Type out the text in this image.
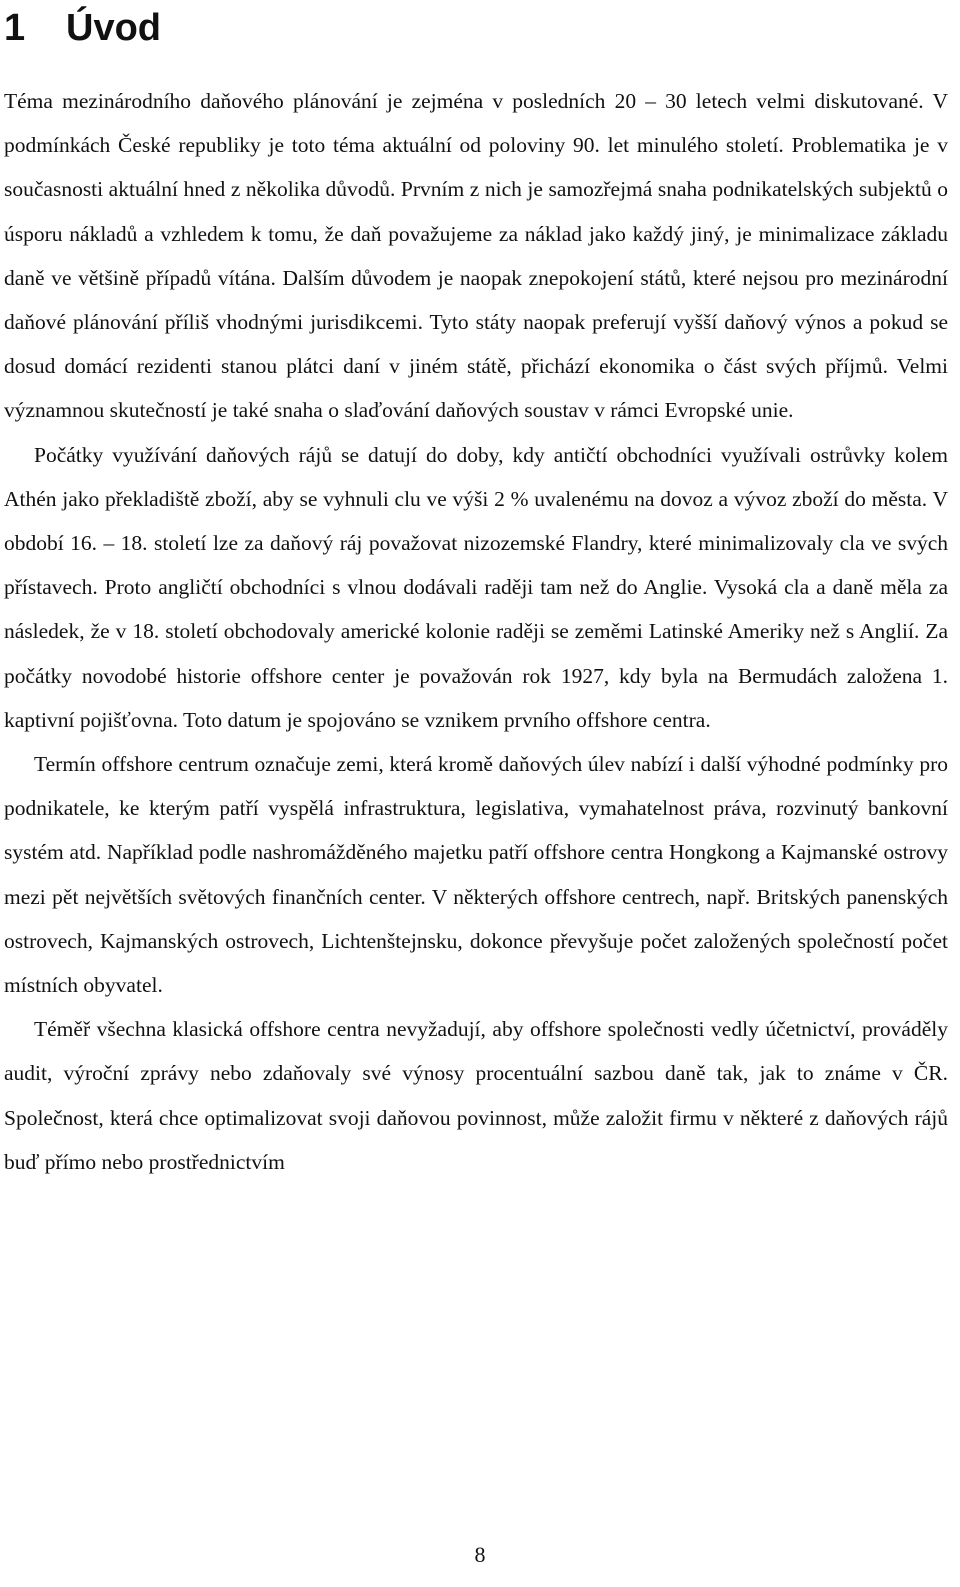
1 Úvod

Téma mezinárodního daňového plánování je zejména v posledních 20 – 30 letech velmi diskutované. V podmínkách České republiky je toto téma aktuální od poloviny 90. let minulého století. Problematika je v současnosti aktuální hned z několika důvodů. Prvním z nich je samozřejmá snaha podnikatelských subjektů o úsporu nákladů a vzhledem k tomu, že daň považujeme za náklad jako každý jiný, je minimalizace základu daně ve většině případů vítána. Dalším důvodem je naopak znepokojení států, které nejsou pro mezinárodní daňové plánování příliš vhodnými jurisdikcemi. Tyto státy naopak preferují vyšší daňový výnos a pokud se dosud domácí rezidenti stanou plátci daní v jiném státě, přichází ekonomika o část svých příjmů. Velmi významnou skutečností je také snaha o slaďování daňových soustav v rámci Evropské unie.

Počátky využívání daňových rájů se datují do doby, kdy antičtí obchodníci využívali ostrůvky kolem Athén jako překladiště zboží, aby se vyhnuli clu ve výši 2 % uvalenému na dovoz a vývoz zboží do města. V období 16. – 18. století lze za daňový ráj považovat nizozemské Flandry, které minimalizovaly cla ve svých přístavech. Proto angličtí obchodníci s vlnou dodávali raději tam než do Anglie. Vysoká cla a daně měla za následek, že v 18. století obchodovaly americké kolonie raději se zeměmi Latinské Ameriky než s Anglií. Za počátky novodobé historie offshore center je považován rok 1927, kdy byla na Bermudách založena 1. kaptivní pojišťovna. Toto datum je spojováno se vznikem prvního offshore centra.

Termín offshore centrum označuje zemi, která kromě daňových úlev nabízí i další výhodné podmínky pro podnikatele, ke kterým patří vyspělá infrastruktura, legislativa, vymahatelnost práva, rozvinutý bankovní systém atd. Například podle nashromážděného majetku patří offshore centra Hongkong a Kajmanské ostrovy mezi pět největších světových finančních center. V některých offshore centrech, např. Britských panenských ostrovech, Kajmanských ostrovech, Lichtenštejnsku, dokonce převyšuje počet založených společností počet místních obyvatel.

Téměř všechna klasická offshore centra nevyžadují, aby offshore společnosti vedly účetnictví, prováděly audit, výroční zprávy nebo zdaňovaly své výnosy procentuální sazbou daně tak, jak to známe v ČR. Společnost, která chce optimalizovat svoji daňovou povinnost, může založit firmu v některé z daňových rájů buď přímo nebo prostřednictvím

8
